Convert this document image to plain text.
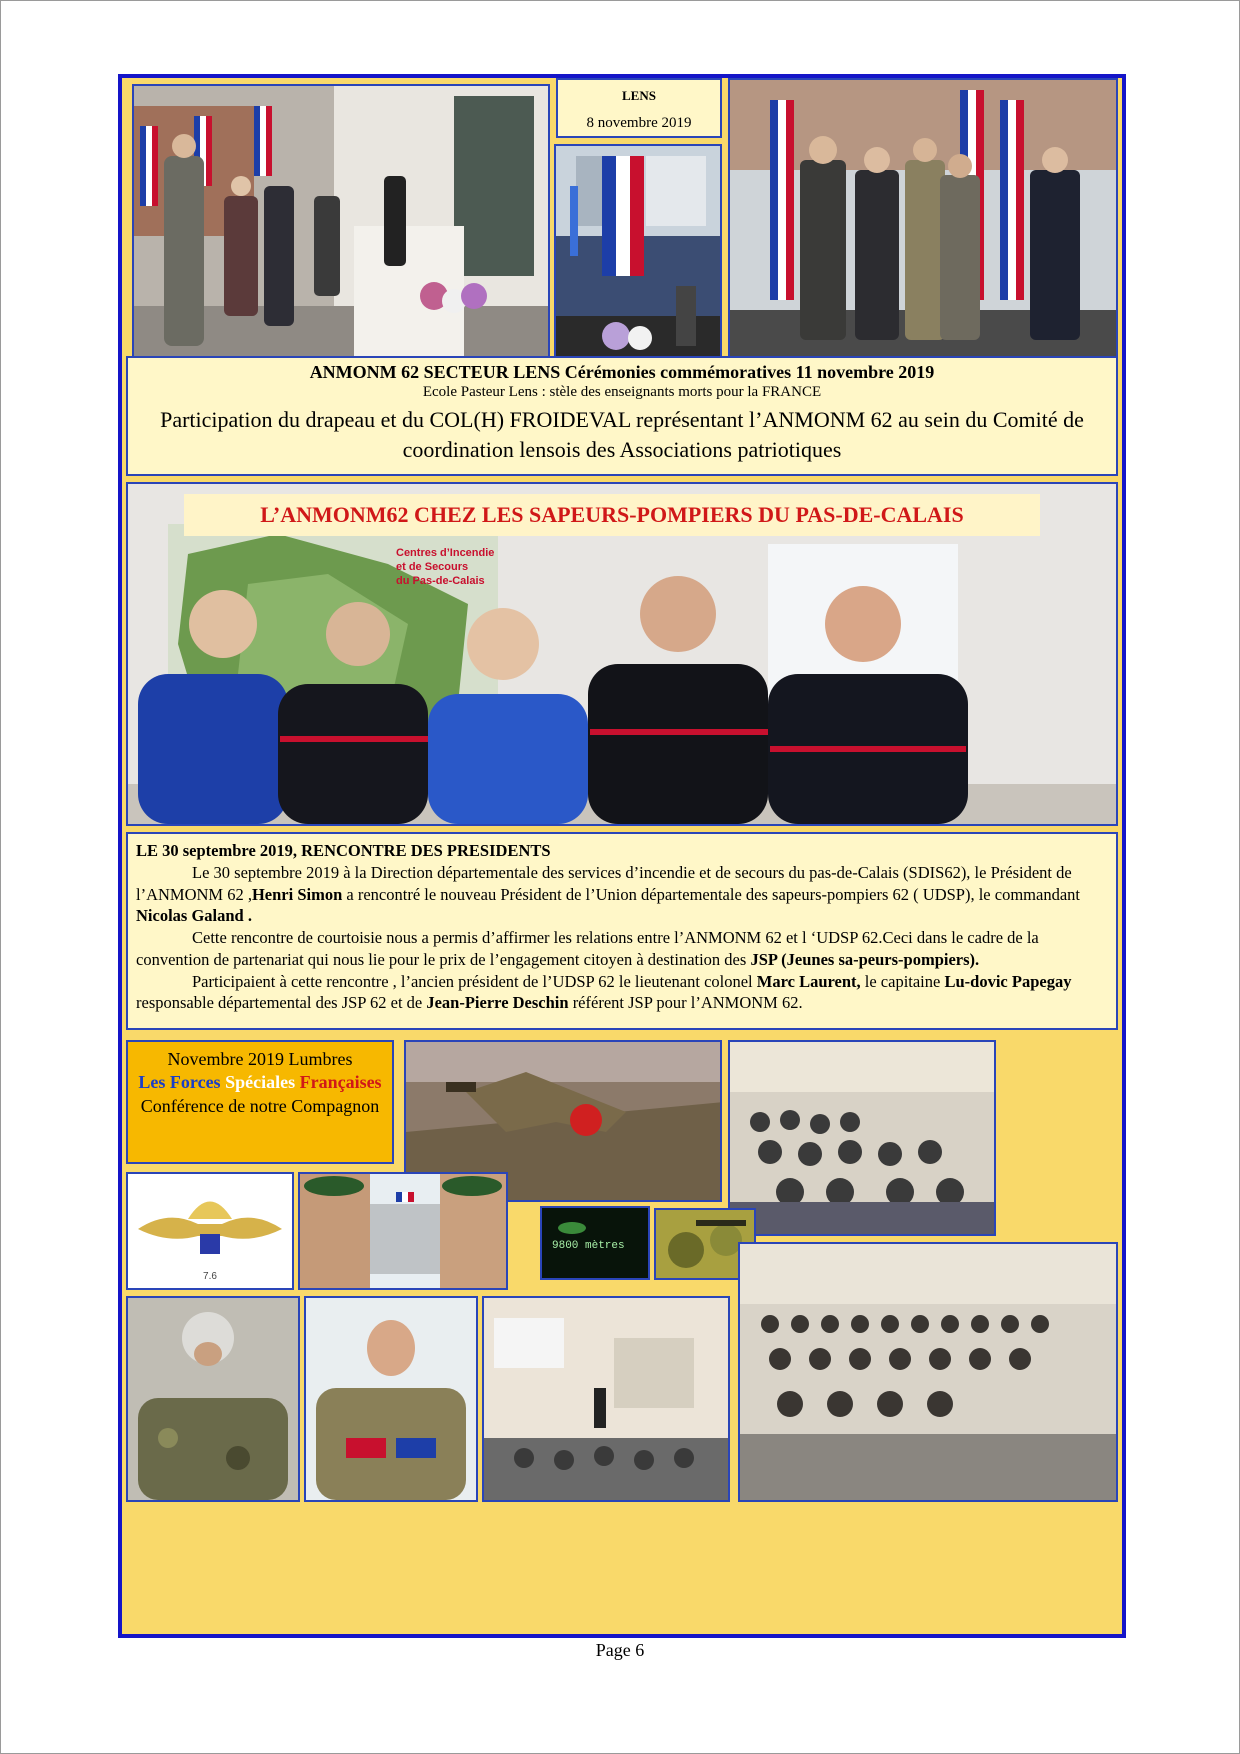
LENS
8 novembre 2019
ANMONM 62 SECTEUR LENS Cérémonies commémoratives 11 novembre 2019
Ecole Pasteur Lens : stèle des enseignants morts pour la FRANCE
Participation du drapeau et du COL(H) FROIDEVAL représentant l’ANMONM 62 au sein du Comité de coordination lensois des Associations patriotiques
Centres d’Incendie
et de Secours
du Pas-de-Calais
L’ANMONM62 CHEZ LES SAPEURS-POMPIERS DU PAS-DE-CALAIS

LE 30 septembre 2019, RENCONTRE DES PRESIDENTS

Le 30 septembre 2019 à la Direction départementale des services d’incendie et de secours du pas-de-Calais (SDIS62), le Président de l’ANMONM 62 ,Henri Simon a rencontré le nouveau Président de l’Union départementale des sapeurs-pompiers 62 ( UDSP), le commandant Nicolas Galand .

Cette rencontre de courtoisie nous a permis d’affirmer les relations entre l’ANMONM 62 et l ‘UDSP 62.Ceci dans le cadre de la convention de partenariat qui nous lie pour le prix de l’engagement citoyen à destination des JSP (Jeunes sa-peurs-pompiers).

Participaient à cette rencontre , l’ancien président de l’UDSP 62 le lieutenant colonel Marc Laurent, le capitaine Lu-dovic Papegay responsable départemental des JSP 62 et de Jean-Pierre Deschin référent JSP pour l’ANMONM 62.

Novembre 2019 Lumbres
Les Forces Spéciales Françaises
Conférence de notre Compagnon
7.6
9800 mètres
Page 6
